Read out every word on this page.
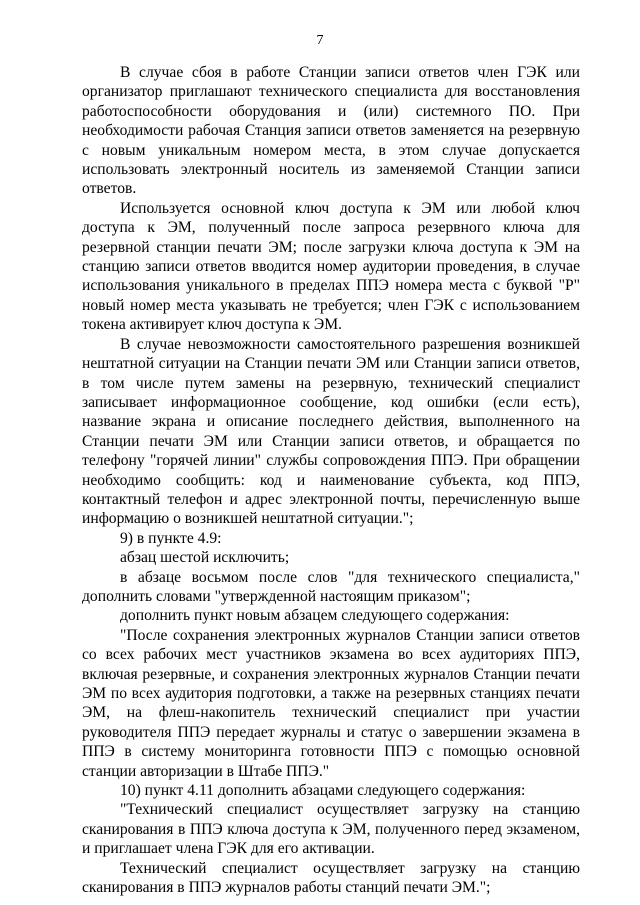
7

В случае сбоя в работе Станции записи ответов член ГЭК или организатор приглашают технического специалиста для восстановления работоспособности оборудования и (или) системного ПО. При необходимости рабочая Станция записи ответов заменяется на резервную с новым уникальным номером места, в этом случае допускается использовать электронный носитель из заменяемой Станции записи ответов.

Используется основной ключ доступа к ЭМ или любой ключ доступа к ЭМ, полученный после запроса резервного ключа для резервной станции печати ЭМ; после загрузки ключа доступа к ЭМ на станцию записи ответов вводится номер аудитории проведения, в случае использования уникального в пределах ППЭ номера места с буквой "Р" новый номер места указывать не требуется; член ГЭК с использованием токена активирует ключ доступа к ЭМ.

В случае невозможности самостоятельного разрешения возникшей нештатной ситуации на Станции печати ЭМ или Станции записи ответов, в том числе путем замены на резервную, технический специалист записывает информационное сообщение, код ошибки (если есть), название экрана и описание последнего действия, выполненного на Станции печати ЭМ или Станции записи ответов, и обращается по телефону "горячей линии" службы сопровождения ППЭ. При обращении необходимо сообщить: код и наименование субъекта, код ППЭ, контактный телефон и адрес электронной почты, перечисленную выше информацию о возникшей нештатной ситуации.";

9) в пункте 4.9:

абзац шестой исключить;

в абзаце восьмом после слов "для технического специалиста," дополнить словами "утвержденной настоящим приказом";

дополнить пункт новым абзацем следующего содержания:

"После сохранения электронных журналов Станции записи ответов со всех рабочих мест участников экзамена во всех аудиториях ППЭ, включая резервные, и сохранения электронных журналов Станции печати ЭМ по всех аудитория подготовки, а также на резервных станциях печати ЭМ, на флеш-накопитель технический специалист при участии руководителя ППЭ передает журналы и статус о завершении экзамена в ППЭ в систему мониторинга готовности ППЭ с помощью основной станции авторизации в Штабе ППЭ."

10) пункт 4.11 дополнить абзацами следующего содержания:

"Технический специалист осуществляет загрузку на станцию сканирования в ППЭ ключа доступа к ЭМ, полученного перед экзаменом, и приглашает члена ГЭК для его активации.

Технический специалист осуществляет загрузку на станцию сканирования в ППЭ журналов работы станций печати ЭМ.";
